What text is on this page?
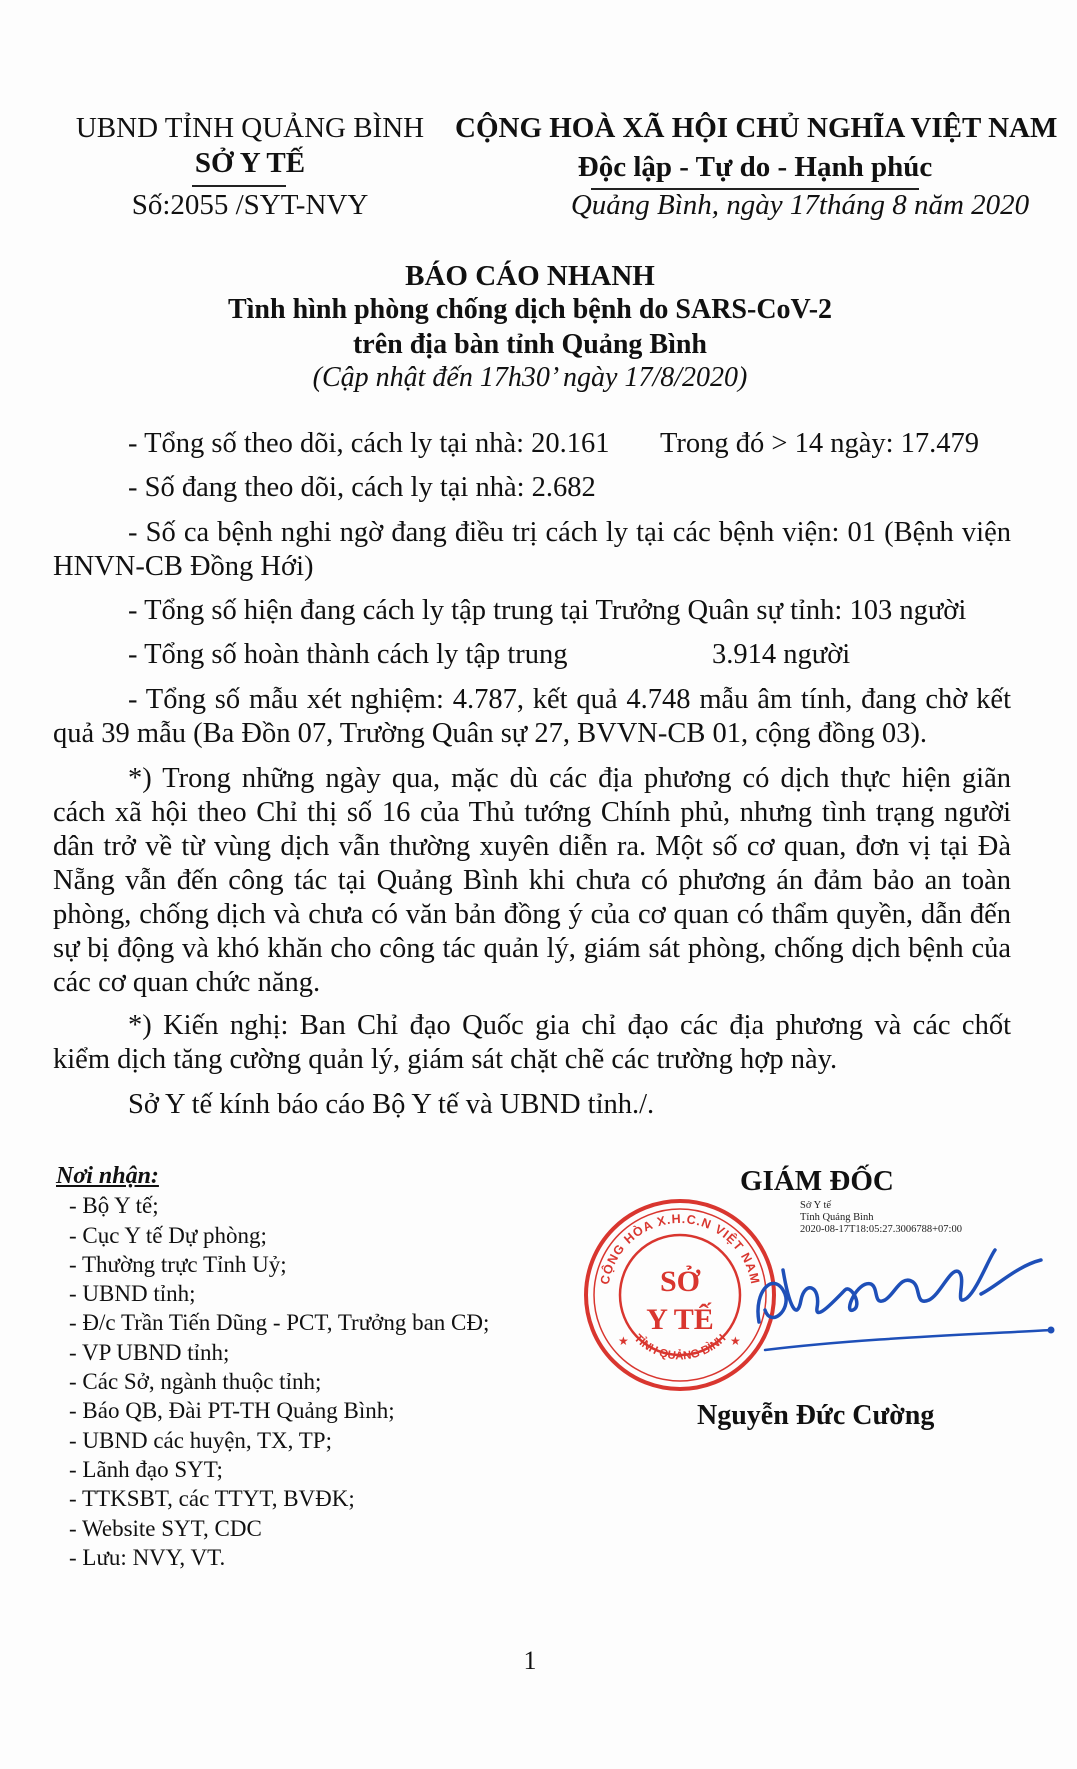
UBND TỈNH QUẢNG BÌNH
SỞ Y TẾ
Số:2055 /SYT-NVY
CỘNG HOÀ XÃ HỘI CHỦ NGHĨA VIỆT NAM
Độc lập - Tự do - Hạnh phúc
Quảng Bình, ngày 17tháng 8 năm 2020
BÁO CÁO NHANH
Tình hình phòng chống dịch bệnh do SARS-CoV-2
trên địa bàn tỉnh Quảng Bình
(Cập nhật đến 17h30’ ngày 17/8/2020)
- Tổng số theo dõi, cách ly tại nhà: 20.161 Trong đó > 14 ngày: 17.479
- Số đang theo dõi, cách ly tại nhà: 2.682

- Số ca bệnh nghi ngờ đang điều trị cách ly tại các bệnh viện: 01 (Bệnh viện HNVN-CB Đồng Hới)

- Tổng số hiện đang cách ly tập trung tại Trưởng Quân sự tỉnh: 103 người
- Tổng số hoàn thành cách ly tập trung	3.914 người

- Tổng số mẫu xét nghiệm: 4.787, kết quả 4.748 mẫu âm tính, đang chờ kết quả 39 mẫu (Ba Đồn 07, Trường Quân sự 27, BVVN-CB 01, cộng đồng 03).

*) Trong những ngày qua, mặc dù các địa phương có dịch thực hiện giãn cách xã hội theo Chỉ thị số 16 của Thủ tướng Chính phủ, nhưng tình trạng người dân trở về từ vùng dịch vẫn thường xuyên diễn ra. Một số cơ quan, đơn vị tại Đà Nẵng vẫn đến công tác tại Quảng Bình khi chưa có phương án đảm bảo an toàn phòng, chống dịch và chưa có văn bản đồng ý của cơ quan có thẩm quyền, dẫn đến sự bị động và khó khăn cho công tác quản lý, giám sát phòng, chống dịch bệnh của các cơ quan chức năng.

*) Kiến nghị: Ban Chỉ đạo Quốc gia chỉ đạo các địa phương và các chốt kiểm dịch tăng cường quản lý, giám sát chặt chẽ các trường hợp này.

Sở Y tế kính báo cáo Bộ Y tế và UBND tỉnh./.
Nơi nhận:
- Bộ Y tế;
- Cục Y tế Dự phòng;
- Thường trực Tỉnh Uỷ;
- UBND tỉnh;
- Đ/c Trần Tiến Dũng - PCT, Trưởng ban CĐ;
- VP UBND tỉnh;
- Các Sở, ngành thuộc tỉnh;
- Báo QB, Đài PT-TH Quảng Bình;
- UBND các huyện, TX, TP;
- Lãnh đạo SYT;
- TTKSBT, các TTYT, BVĐK;
- Website SYT, CDC
- Lưu: NVY, VT.
GIÁM ĐỐC
Sở Y tế
Tỉnh Quảng Bình
2020-08-17T18:05:27.3006788+07:00
CỘNG HÒA X.H.C.N VIỆT NAM
TỈNH QUẢNG BÌNH
SỞ
Y TẾ
★	★
Nguyễn Đức Cường
1
